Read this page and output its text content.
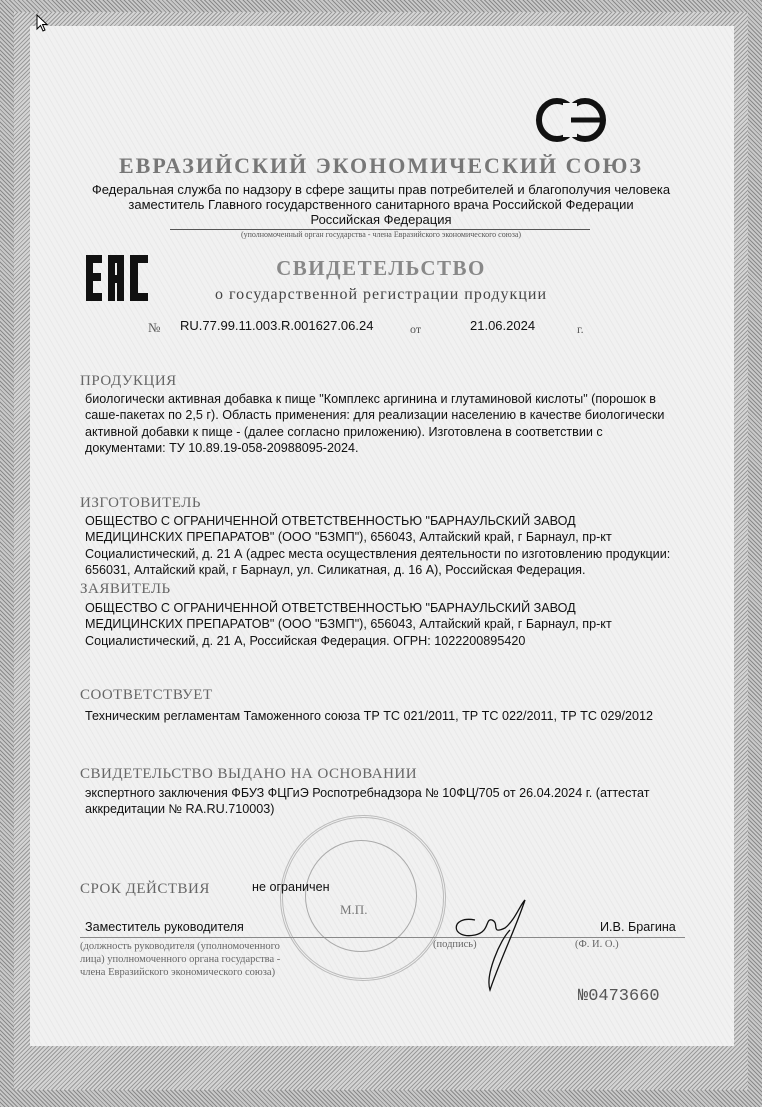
ЕВРАЗИЙСКИЙ ЭКОНОМИЧЕСКИЙ СОЮЗ
Федеральная служба по надзору в сфере защиты прав потребителей и благополучия человека
заместитель Главного государственного санитарного врача Российской Федерации
Российская Федерация
(уполномоченный орган государства - члена Евразийского экономического союза)
СВИДЕТЕЛЬСТВО
о государственной регистрации продукции
№ RU.77.99.11.003.R.001627.06.24	от	21.06.2024	г.
ПРОДУКЦИЯ
биологически активная добавка к пище "Комплекс аргинина и глутаминовой кислоты" (порошок в
саше-пакетах по 2,5 г). Область применения: для реализации населению в качестве биологически
активной добавки к пище - (далее согласно приложению). Изготовлена в соответствии с
документами: ТУ 10.89.19-058-20988095-2024.
ИЗГОТОВИТЕЛЬ
ОБЩЕСТВО С ОГРАНИЧЕННОЙ ОТВЕТСТВЕННОСТЬЮ "БАРНАУЛЬСКИЙ ЗАВОД
МЕДИЦИНСКИХ ПРЕПАРАТОВ" (ООО "БЗМП"), 656043, Алтайский край, г Барнаул, пр-кт
Социалистический, д. 21 А (адрес места осуществления деятельности по изготовлению продукции:
656031, Алтайский край, г Барнаул, ул. Силикатная, д. 16 А), Российская Федерация.
ЗАЯВИТЕЛЬ
ОБЩЕСТВО С ОГРАНИЧЕННОЙ ОТВЕТСТВЕННОСТЬЮ "БАРНАУЛЬСКИЙ ЗАВОД
МЕДИЦИНСКИХ ПРЕПАРАТОВ" (ООО "БЗМП"), 656043, Алтайский край, г Барнаул, пр-кт
Социалистический, д. 21 А, Российская Федерация. ОГРН: 1022200895420
СООТВЕТСТВУЕТ
Техническим регламентам Таможенного союза ТР ТС 021/2011, ТР ТС 022/2011, ТР ТС 029/2012
СВИДЕТЕЛЬСТВО ВЫДАНО НА ОСНОВАНИИ
экспертного заключения ФБУЗ ФЦГиЭ Роспотребнадзора № 10ФЦ/705 от 26.04.2024 г. (аттестат
аккредитации № RA.RU.710003)
М.П.
СРОК ДЕЙСТВИЯ	не ограничен
Заместитель руководителя	И.В. Брагина
(подпись)	(Ф. И. О.)
(должность руководителя (уполномоченного
лица) уполномоченного органа государства -
члена Евразийского экономического союза)
№0473660
